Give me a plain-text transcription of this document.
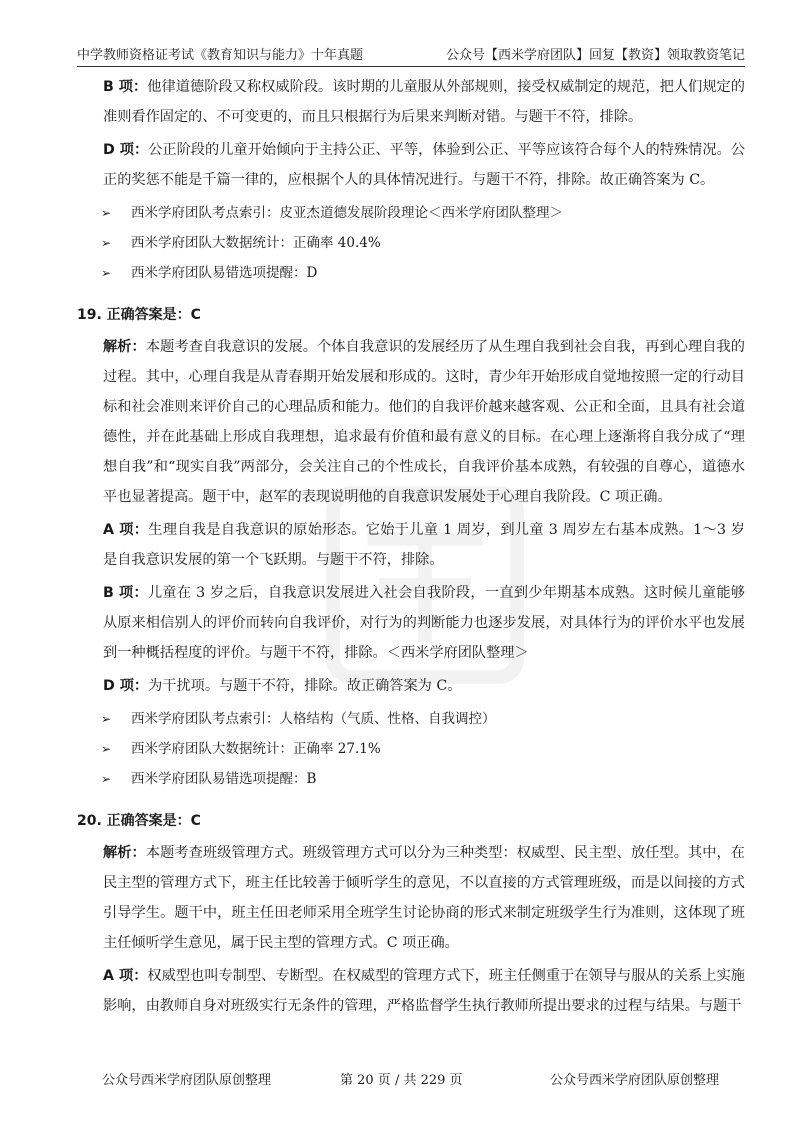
中学教师资格证考试《教育知识与能力》十年真题	公众号【西米学府团队】回复【教资】领取教资笔记

B 项：他律道德阶段又称权威阶段。该时期的儿童服从外部规则，接受权威制定的规范，把人们规定的准则看作固定的、不可变更的，而且只根据行为后果来判断对错。与题干不符，排除。

D 项：公正阶段的儿童开始倾向于主持公正、平等，体验到公正、平等应该符合每个人的特殊情况。公正的奖惩不能是千篇一律的，应根据个人的具体情况进行。与题干不符，排除。故正确答案为 C。

➢ 西米学府团队考点索引：皮亚杰道德发展阶段理论＜西米学府团队整理＞

➢ 西米学府团队大数据统计：正确率 40.4%

➢ 西米学府团队易错选项提醒：D

19. 正确答案是：C

解析：本题考查自我意识的发展。个体自我意识的发展经历了从生理自我到社会自我，再到心理自我的过程。其中，心理自我是从青春期开始发展和形成的。这时，青少年开始形成自觉地按照一定的行动目标和社会准则来评价自己的心理品质和能力。他们的自我评价越来越客观、公正和全面，且具有社会道德性，并在此基础上形成自我理想，追求最有价值和最有意义的目标。在心理上逐渐将自我分成了“理想自我”和“现实自我”两部分，会关注自己的个性成长，自我评价基本成熟，有较强的自尊心，道德水平也显著提高。题干中，赵军的表现说明他的自我意识发展处于心理自我阶段。C 项正确。

A 项：生理自我是自我意识的原始形态。它始于儿童 1 周岁，到儿童 3 周岁左右基本成熟。1～3 岁是自我意识发展的第一个飞跃期。与题干不符，排除。

B 项：儿童在 3 岁之后，自我意识发展进入社会自我阶段，一直到少年期基本成熟。这时候儿童能够从原来相信别人的评价而转向自我评价，对行为的判断能力也逐步发展，对具体行为的评价水平也发展到一种概括程度的评价。与题干不符，排除。＜西米学府团队整理＞

D 项：为干扰项。与题干不符，排除。故正确答案为 C。

➢ 西米学府团队考点索引：人格结构（气质、性格、自我调控）

➢ 西米学府团队大数据统计：正确率 27.1%

➢ 西米学府团队易错选项提醒：B

20. 正确答案是：C

解析：本题考查班级管理方式。班级管理方式可以分为三种类型：权威型、民主型、放任型。其中，在民主型的管理方式下，班主任比较善于倾听学生的意见，不以直接的方式管理班级，而是以间接的方式引导学生。题干中，班主任田老师采用全班学生讨论协商的形式来制定班级学生行为准则，这体现了班主任倾听学生意见，属于民主型的管理方式。C 项正确。

A 项：权威型也叫专制型、专断型。在权威型的管理方式下，班主任侧重于在领导与服从的关系上实施影响，由教师自身对班级实行无条件的管理，严格监督学生执行教师所提出要求的过程与结果。与题干

公众号西米学府团队原创整理	第 20 页 / 共 229 页	公众号西米学府团队原创整理
